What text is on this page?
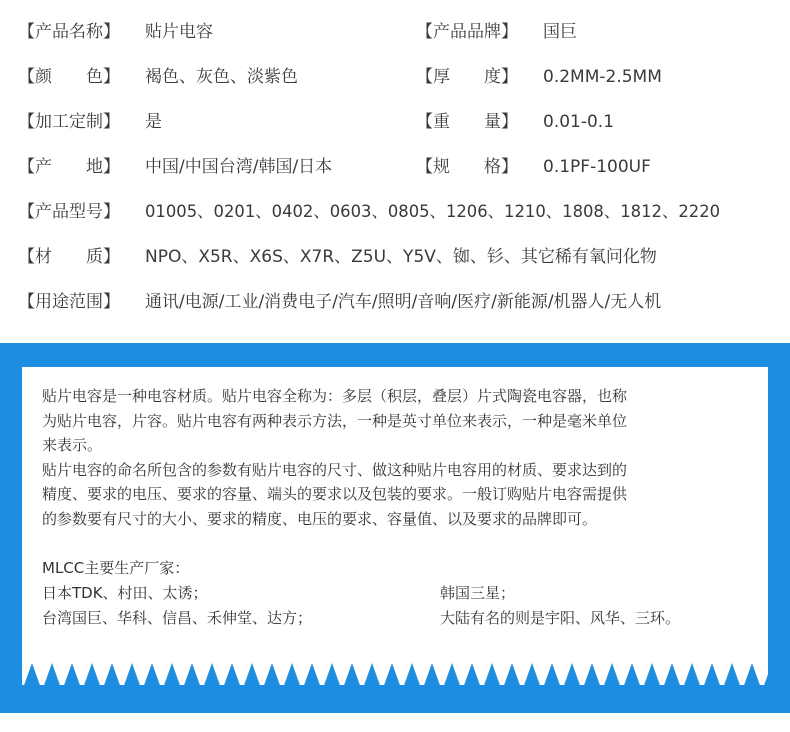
【产品名称】 贴片电容	【产品品牌】 国巨
【颜　　色】 褐色、灰色、淡紫色	【厚　　度】 0.2MM-2.5MM
【加工定制】 是	【重　　量】 0.01-0.1
【产　　地】 中国/中国台湾/韩国/日本	【规　　格】 0.1PF-100UF
【产品型号】 01005、0201、0402、0603、0805、1206、1210、1808、1812、2220
【材　　质】 NPO、X5R、X6S、X7R、Z5U、Y5V、铷、钐、其它稀有氧问化物
【用途范围】 通讯/电源/工业/消费电子/汽车/照明/音响/医疗/新能源/机器人/无人机

贴片电容是一种电容材质。贴片电容全称为：多层（积层，叠层）片式陶瓷电容器，也称

为贴片电容，片容。贴片电容有两种表示方法，一种是英寸单位来表示，一种是毫米单位

来表示。

贴片电容的命名所包含的参数有贴片电容的尺寸、做这种贴片电容用的材质、要求达到的

精度、要求的电压、要求的容量、端头的要求以及包装的要求。一般订购贴片电容需提供

的参数要有尺寸的大小、要求的精度、电压的要求、容量值、以及要求的品牌即可。

MLCC主要生产厂家：
日本TDK、村田、太诱；	韩国三星；
台湾国巨、华科、信昌、禾伸堂、达方；	大陆有名的则是宇阳、风华、三环。
